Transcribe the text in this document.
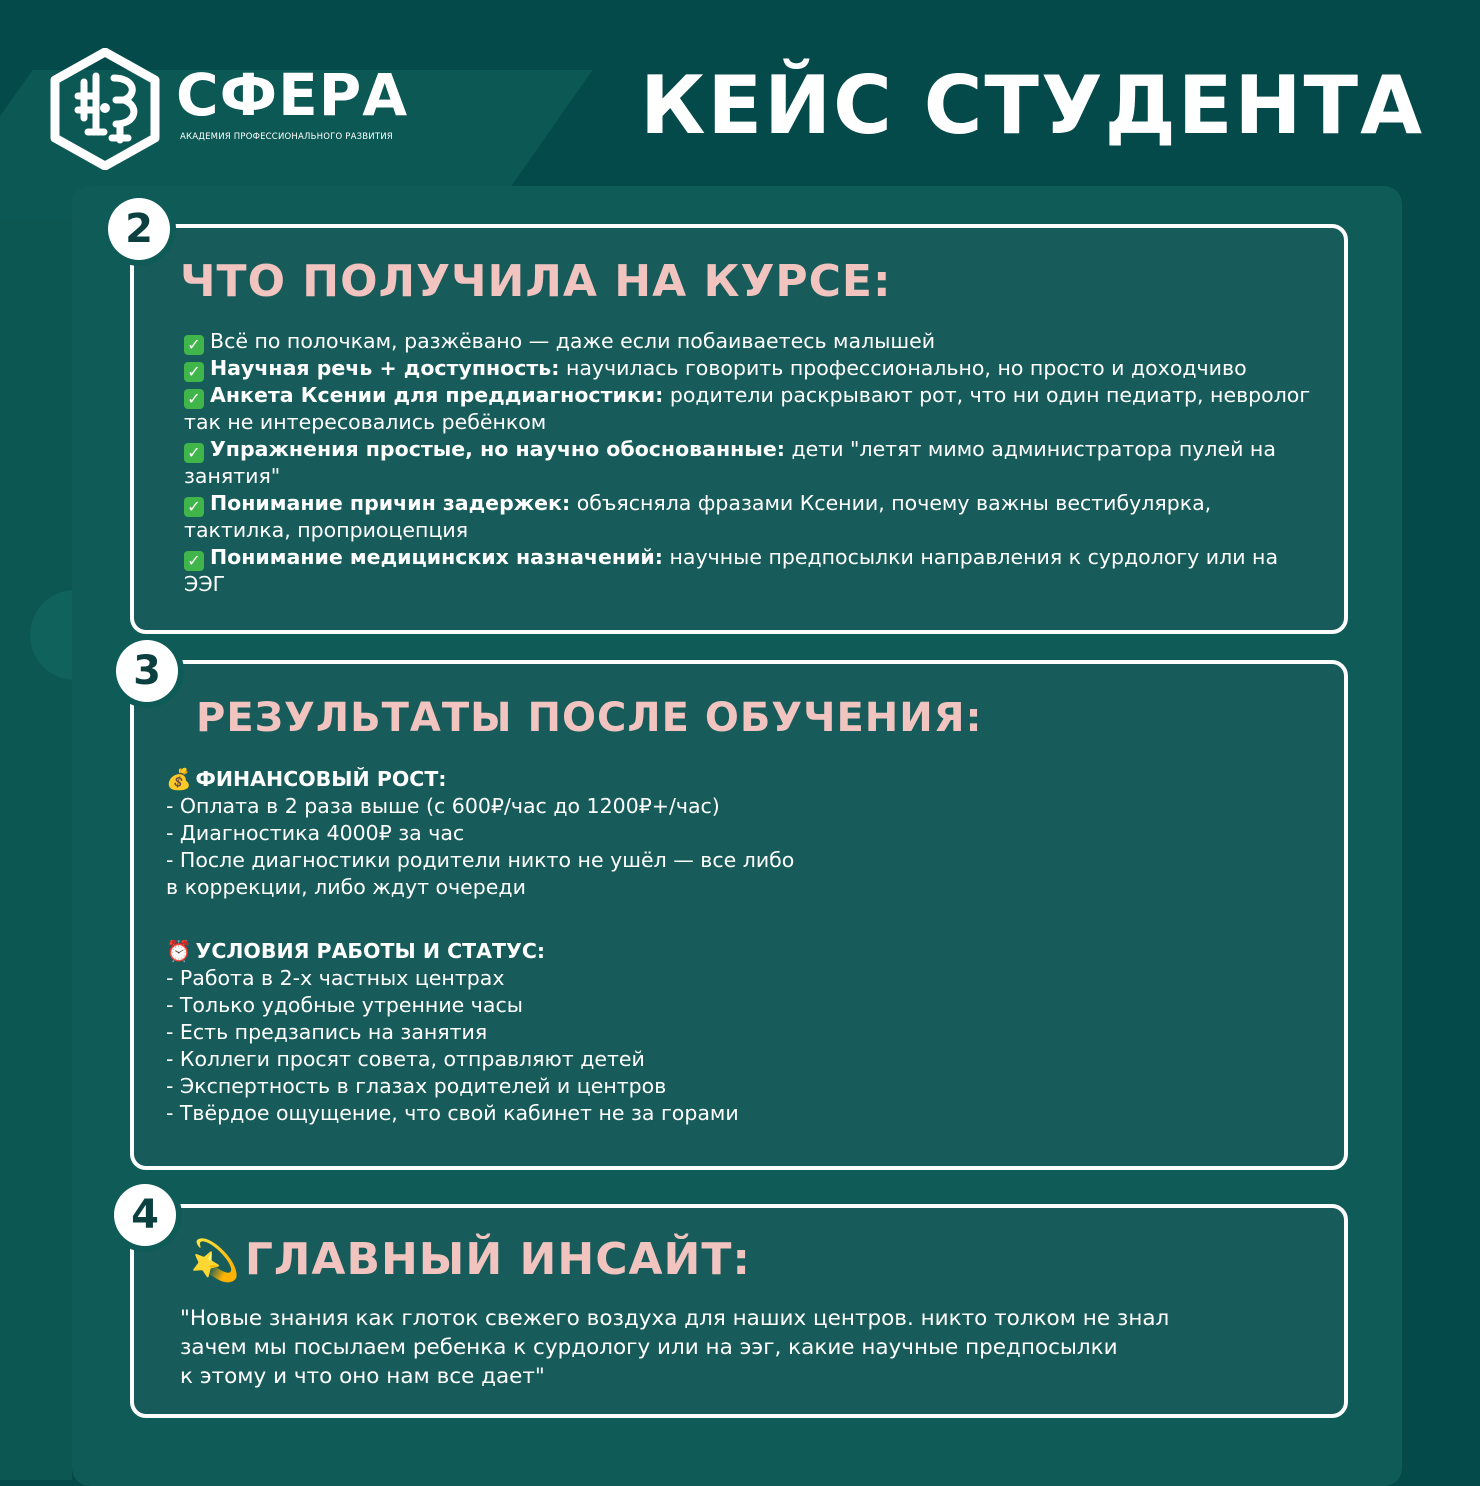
СФЕРА
АКАДЕМИЯ ПРОФЕССИОНАЛЬНОГО РАЗВИТИЯ	КЕЙС СТУДЕНТА
2
ЧТО ПОЛУЧИЛА НА КУРСЕ:
✓ Всё по полочкам, разжёвано — даже если побаиваетесь малышей
✓ Научная речь + доступность: научилась говорить профессионально, но просто и доходчиво
✓ Анкета Ксении для преддиагностики: родители раскрывают рот, что ни один педиатр, невролог так не интересовались ребёнком
✓ Упражнения простые, но научно обоснованные: дети "летят мимо администратора пулей на занятия"
✓ Понимание причин задержек: объясняла фразами Ксении, почему важны вестибулярка, тактилка, проприоцепция
✓ Понимание медицинских назначений: научные предпосылки направления к сурдологу или на ЭЭГ
3
РЕЗУЛЬТАТЫ ПОСЛЕ ОБУЧЕНИЯ:
💰 ФИНАНСОВЫЙ РОСТ:
- Оплата в 2 раза выше (с 600₽/час до 1200₽+/час)
- Диагностика 4000₽ за час
- После диагностики родители никто не ушёл — все либо
в коррекции, либо ждут очереди
⏰ УСЛОВИЯ РАБОТЫ И СТАТУС:
- Работа в 2-х частных центрах
- Только удобные утренние часы
- Есть предзапись на занятия
- Коллеги просят совета, отправляют детей
- Экспертность в глазах родителей и центров
- Твёрдое ощущение, что свой кабинет не за горами
4
💫ГЛАВНЫЙ ИНСАЙТ:
"Новые знания как глоток свежего воздуха для наших центров. никто толком не знал
зачем мы посылаем ребенка к сурдологу или на ээг, какие научные предпосылки
к этому и что оно нам все дает"
